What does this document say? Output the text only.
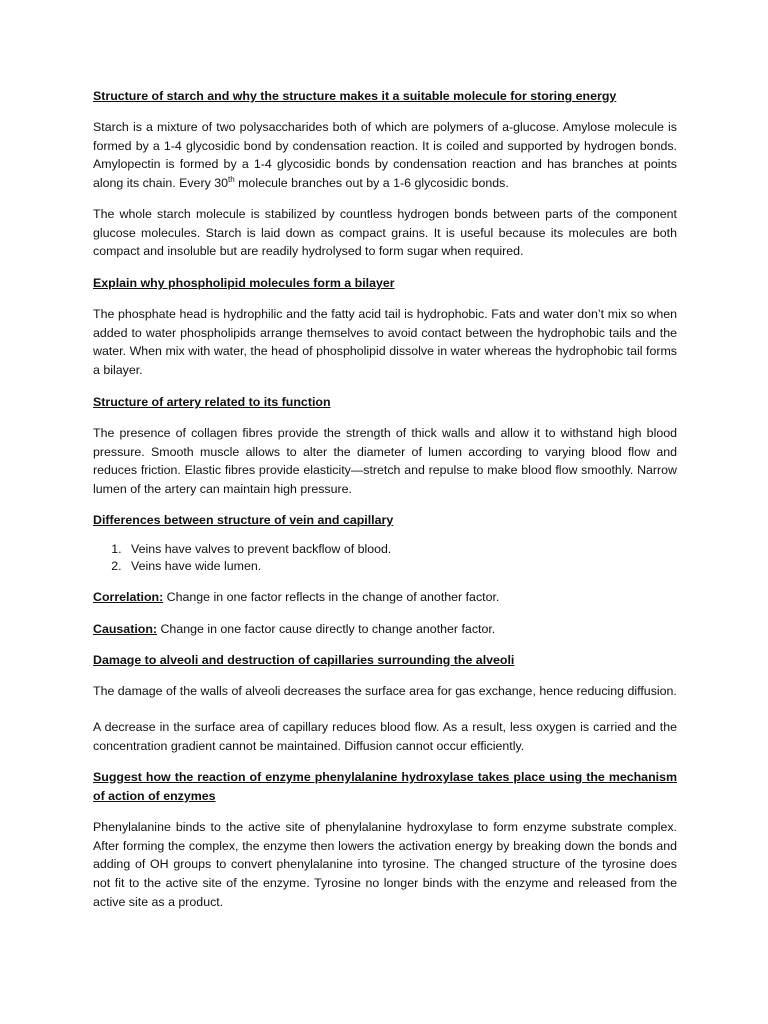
Structure of starch and why the structure makes it a suitable molecule for storing energy
Starch is a mixture of two polysaccharides both of which are polymers of a-glucose. Amylose molecule is formed by a 1-4 glycosidic bond by condensation reaction. It is coiled and supported by hydrogen bonds. Amylopectin is formed by a 1-4 glycosidic bonds by condensation reaction and has branches at points along its chain. Every 30th molecule branches out by a 1-6 glycosidic bonds.
The whole starch molecule is stabilized by countless hydrogen bonds between parts of the component glucose molecules. Starch is laid down as compact grains. It is useful because its molecules are both compact and insoluble but are readily hydrolysed to form sugar when required.
Explain why phospholipid molecules form a bilayer
The phosphate head is hydrophilic and the fatty acid tail is hydrophobic. Fats and water don’t mix so when added to water phospholipids arrange themselves to avoid contact between the hydrophobic tails and the water. When mix with water, the head of phospholipid dissolve in water whereas the hydrophobic tail forms a bilayer.
Structure of artery related to its function
The presence of collagen fibres provide the strength of thick walls and allow it to withstand high blood pressure. Smooth muscle allows to alter the diameter of lumen according to varying blood flow and reduces friction. Elastic fibres provide elasticity—stretch and repulse to make blood flow smoothly. Narrow lumen of the artery can maintain high pressure.
Differences between structure of vein and capillary
1. Veins have valves to prevent backflow of blood.
2. Veins have wide lumen.
Correlation: Change in one factor reflects in the change of another factor.
Causation: Change in one factor cause directly to change another factor.
Damage to alveoli and destruction of capillaries surrounding the alveoli
The damage of the walls of alveoli decreases the surface area for gas exchange, hence reducing diffusion.
A decrease in the surface area of capillary reduces blood flow. As a result, less oxygen is carried and the concentration gradient cannot be maintained. Diffusion cannot occur efficiently.
Suggest how the reaction of enzyme phenylalanine hydroxylase takes place using the mechanism of action of enzymes
Phenylalanine binds to the active site of phenylalanine hydroxylase to form enzyme substrate complex. After forming the complex, the enzyme then lowers the activation energy by breaking down the bonds and adding of OH groups to convert phenylalanine into tyrosine. The changed structure of the tyrosine does not fit to the active site of the enzyme. Tyrosine no longer binds with the enzyme and released from the active site as a product.
